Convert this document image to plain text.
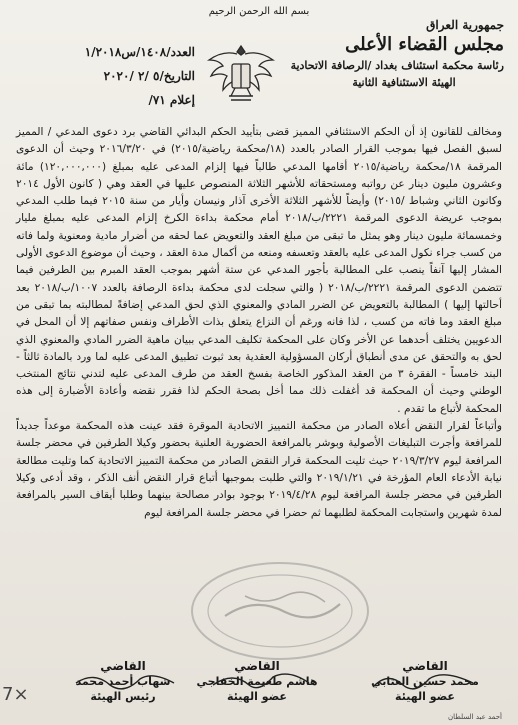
بسم الله الرحمن الرحيم
جمهورية العراق
مجلس القضاء الأعلى
رئاسة محكمة استئناف بغداد /الرصافة الاتحادية
الهيئة الاستئنافية الثانية
العدد/١٤٠٨/س١/٢٠١٨
التاريخ/٥ /٢ /٢٠٢٠
إعلام ٧١/

ومخالف للقانون إذ أن الحكم الاستئنافي المميز قضى بتأييد الحكم البدائي القاضي برد دعوى المدعي / المميز لسبق الفصل فيها بموجب القرار الصادر بالعدد (١٨/محكمة رياضية/٢٠١٥) في ٢٠١٦/٣/٢٠ وحيث أن الدعوى المرقمة ١٨/محكمة رياضية/٢٠١٥ أقامها المدعي طالباً فيها إلزام المدعى عليه بمبلغ (١٢٠,٠٠٠,٠٠٠) مائة وعشرون مليون دينار عن رواتبه ومستحقاته للأشهر الثلاثة المنصوص عليها في العقد وهي ( كانون الأول ٢٠١٤ وكانون الثاني وشباط /٢٠١٥) وأيضاً للأشهر الثلاثة الأخرى آذار ونيسان وأيار من سنة ٢٠١٥ فيما طلب المدعي بموجب عريضة الدعوى المرقمة ٢٢٢١/ب/٢٠١٨ أمام محكمة بداءة الكرخ إلزام المدعى عليه بمبلغ مليار وخمسمائة مليون دينار وهو يمثل ما تبقى من مبلغ العقد والتعويض عما لحقه من أضرار مادية ومعنوية ولما فاته من كسب جراء نكول المدعى عليه بالعقد وتعسفه ومنعه من أكمال مدة العقد ، وحيث أن موضوع الدعوى الأولى المشار إليها آنفاً ينصب على المطالبة بأجور المدعي عن ستة أشهر بموجب العقد المبرم بين الطرفين فيما تتضمن الدعوى المرقمة ٢٢٢١/ب/٢٠١٨ ( والتي سجلت لدى محكمة بداءة الرصافة بالعدد ١٠٠٧/ب/٢٠١٨ بعد أحالتها إليها ) المطالبة بالتعويض عن الضرر المادي والمعنوي الذي لحق المدعي إضافةً لمطالبته بما تبقى من مبلغ العقد وما فاته من كسب ، لذا فانه ورغم أن النزاع يتعلق بذات الأطراف ونفس صفاتهم إلا أن المحل في الدعويين يختلف أحدهما عن الأخر وكان على المحكمة تكليف المدعي ببيان ماهية الضرر المادي والمعنوي الذي لحق به والتحقق عن مدى أنطباق أركان المسؤولية العقدية بعد ثبوت تطبيق المدعى عليه لما ورد بالمادة ثالثاً - البند خامساً - الفقرة ٣ من العقد المذكور الخاصة بفسخ العقد من طرف المدعى عليه لتدني نتائج المنتخب الوطني وحيث أن المحكمة قد أغفلت ذلك مما أخل بصحة الحكم لذا فقرر نقضه وأعادة الأضبارة إلى هذه المحكمة لأتباع ما تقدم .

وأتباعاً لقرار النقض أعلاه الصادر من محكمة التمييز الاتحادية الموقرة فقد عينت هذه المحكمة موعداً جديداً للمرافعة وأجرت التبليغات الأصولية وبوشر بالمرافعة الحضورية العلنية بحضور وكيلا الطرفين في محضر جلسة المرافعة ليوم ٢٠١٩/٣/٢٧ حيث تليت المحكمة قرار النقض الصادر من محكمة التمييز الاتحادية كما وتليت مطالعة نيابة الأدعاء العام المؤرخة في ٢٠١٩/١/٢١ والتي طلبت بموجبها أتباع قرار النقض أنف الذكر ، وقد أدعى وكيلا الطرفين في محضر جلسة المرافعة ليوم ٢٠١٩/٤/٢٨ بوجود بوادر مصالحة بينهما وطلبا أيقاف السير بالمرافعة لمدة شهرين واستجابت المحكمة لطلبهما ثم حضرا في محضر جلسة المرافعة ليوم

القاضي
محمد حسين العتابي
عضو الهيئة
القاضي
هاشم طعيمة الخفاجي
عضو الهيئة
القاضي
شهاب أحمد محمد
رئيس الهيئة
7×
أحمد عبد السلطان
